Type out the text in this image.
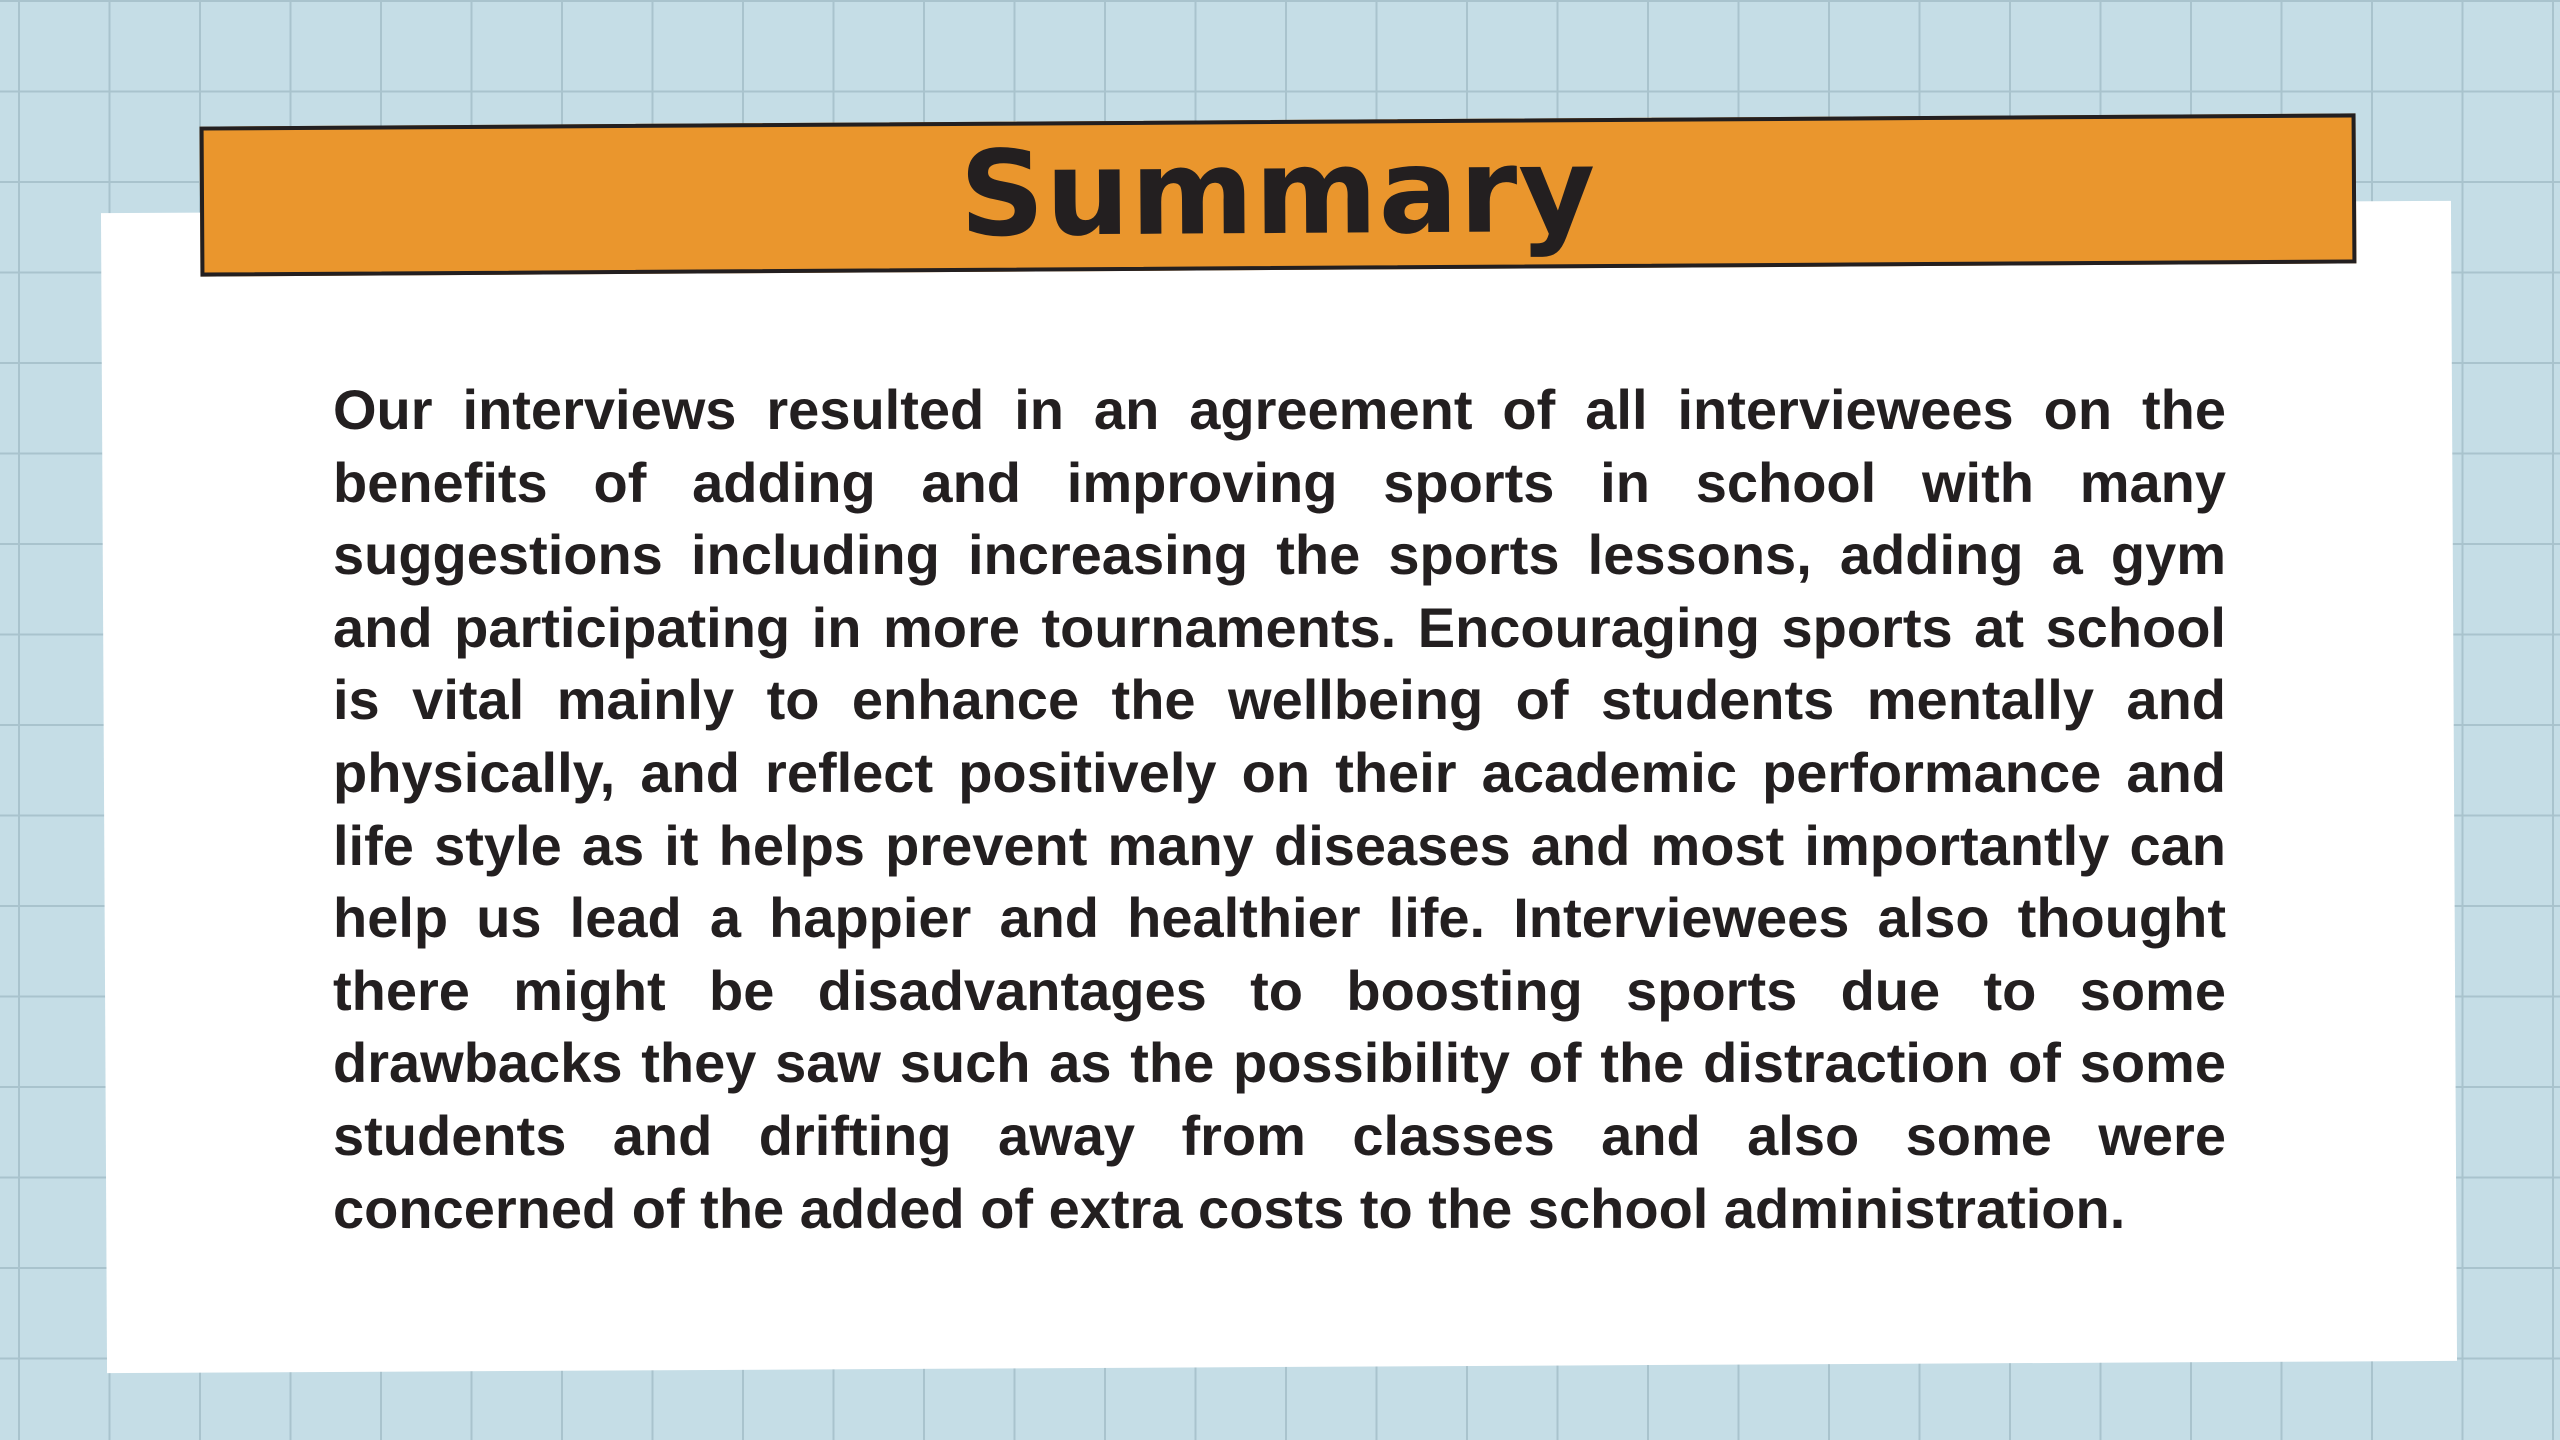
Summary

Our interviews resulted in an agreement of all interviewees on the benefits of adding and improving sports in school with many suggestions including increasing the sports lessons, adding a gym and participating in more tournaments. Encouraging sports at school is vital mainly to enhance the wellbeing of students mentally and physically, and reflect positively on their academic performance and life style as it helps prevent many diseases and most importantly can help us lead a happier and healthier life. Interviewees also thought there might be disadvantages to boosting sports due to some drawbacks they saw such as the possibility of the distraction of some students and drifting away from classes and also some were concerned of the added of extra costs to the school administration.
